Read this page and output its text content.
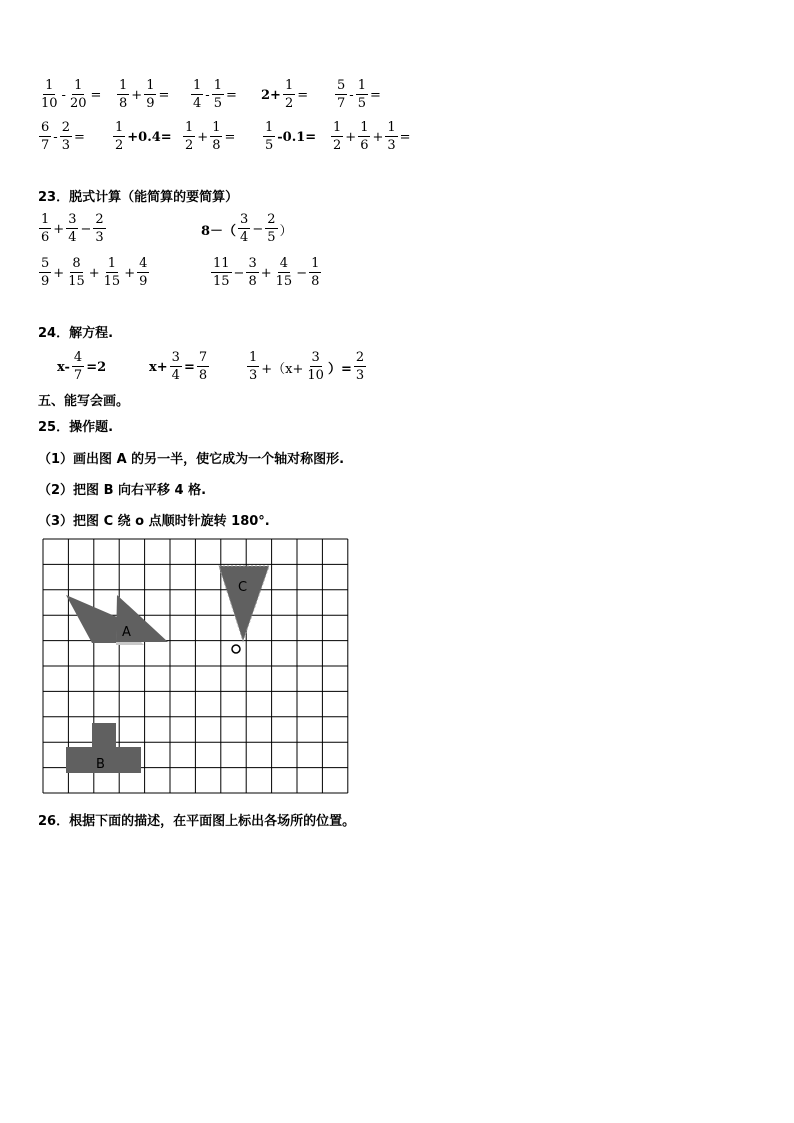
$\frac{1}{10} - \frac{1}{20} = \frac{1}{8} + \frac{1}{9} = \frac{1}{4} - \frac{1}{5} = 2+ \frac{1}{2} = \frac{5}{7} - \frac{1}{5}$ =
$\frac{6}{7} - \frac{2}{3} = \frac{1}{2} +0.4= \frac{1}{2} + \frac{1}{8} = \frac{1}{5} -0.1= \frac{1}{2} + \frac{1}{6} + \frac{1}{3}$ =
23．脱式计算（能简算的要简算）
$\frac{1}{6} + \frac{3}{4} - \frac{2}{3}$	$8-( \frac{3}{4} - \frac{2}{5}$ ）
$\frac{5}{9} + \frac{8}{15} + \frac{1}{15} + \frac{4}{9}$	$\frac{11}{15} - \frac{3}{8} + \frac{4}{15} - \frac{1}{8}$
24．解方程.
$x- \frac{4}{7} =2$	$x+ \frac{3}{4} = \frac{7}{8}$	$\frac{1}{3} +(x+ \frac{3}{10}$ ）= $\frac{2}{3}$
五、能写会画。
25．操作题.
（1）画出图 A 的另一半，使它成为一个轴对称图形.
（2）把图 B 向右平移 4 格.
（3）把图 C 绕 o 点顺时针旋转 180°.
A
B
C
26．根据下面的描述，在平面图上标出各场所的位置。
